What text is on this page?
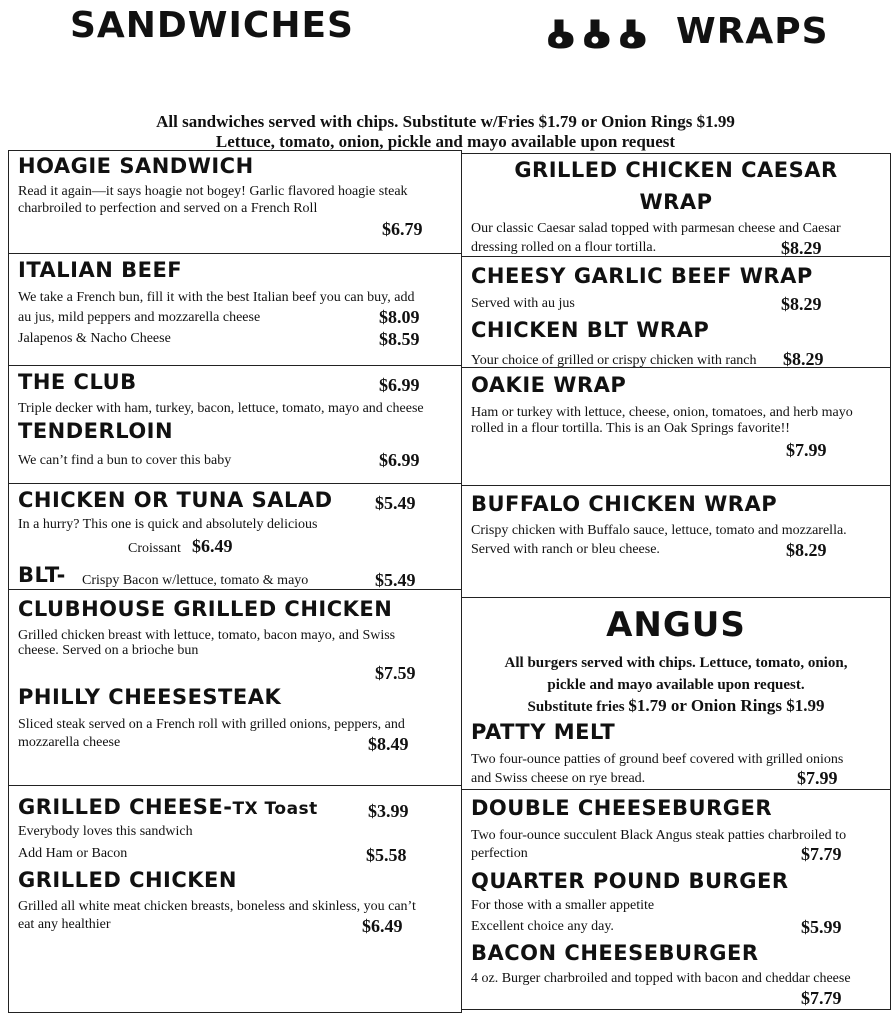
SANDWICHES	WRAPS
All sandwiches served with chips. Substitute w/Fries $1.79 or Onion Rings $1.99
Lettuce, tomato, onion, pickle and mayo available upon request
HOAGIE SANDWICH
Read it again—it says hoagie not bogey! Garlic flavored hoagie steak
charbroiled to perfection and served on a French Roll
$6.79
ITALIAN BEEF
We take a French bun, fill it with the best Italian beef you can buy, add
au jus, mild peppers and mozzarella cheese	$8.09
Jalapenos & Nacho Cheese	$8.59
THE CLUB	$6.99
Triple decker with ham, turkey, bacon, lettuce, tomato, mayo and cheese
TENDERLOIN
We can’t find a bun to cover this baby	$6.99
CHICKEN OR TUNA SALAD $5.49
In a hurry? This one is quick and absolutely delicious
Croissant $6.49
BLT- Crispy Bacon w/lettuce, tomato & mayo	$5.49
CLUBHOUSE GRILLED CHICKEN
Grilled chicken breast with lettuce, tomato, bacon mayo, and Swiss
cheese. Served on a brioche bun
$7.59
PHILLY CHEESESTEAK
Sliced steak served on a French roll with grilled onions, peppers, and
mozzarella cheese	$8.49
GRILLED CHEESE-TX Toast	$3.99
Everybody loves this sandwich
Add Ham or Bacon	$5.58
GRILLED CHICKEN
Grilled all white meat chicken breasts, boneless and skinless, you can’t
eat any healthier	$6.49
GRILLED CHICKEN CAESAR
WRAP
Our classic Caesar salad topped with parmesan cheese and Caesar
dressing rolled on a flour tortilla.	$8.29
CHEESY GARLIC BEEF WRAP
Served with au jus	$8.29
CHICKEN BLT WRAP
Your choice of grilled or crispy chicken with ranch $8.29
OAKIE WRAP
Ham or turkey with lettuce, cheese, onion, tomatoes, and herb mayo
rolled in a flour tortilla. This is an Oak Springs favorite!!
$7.99
BUFFALO CHICKEN WRAP
Crispy chicken with Buffalo sauce, lettuce, tomato and mozzarella.
Served with ranch or bleu cheese.	$8.29
ANGUS
All burgers served with chips. Lettuce, tomato, onion,
pickle and mayo available upon request.
Substitute fries $1.79 or Onion Rings $1.99
PATTY MELT
Two four-ounce patties of ground beef covered with grilled onions
and Swiss cheese on rye bread.	$7.99
DOUBLE CHEESEBURGER
Two four-ounce succulent Black Angus steak patties charbroiled to
perfection	$7.79
QUARTER POUND BURGER
For those with a smaller appetite
Excellent choice any day.	$5.99
BACON CHEESEBURGER
4 oz. Burger charbroiled and topped with bacon and cheddar cheese
$7.79
